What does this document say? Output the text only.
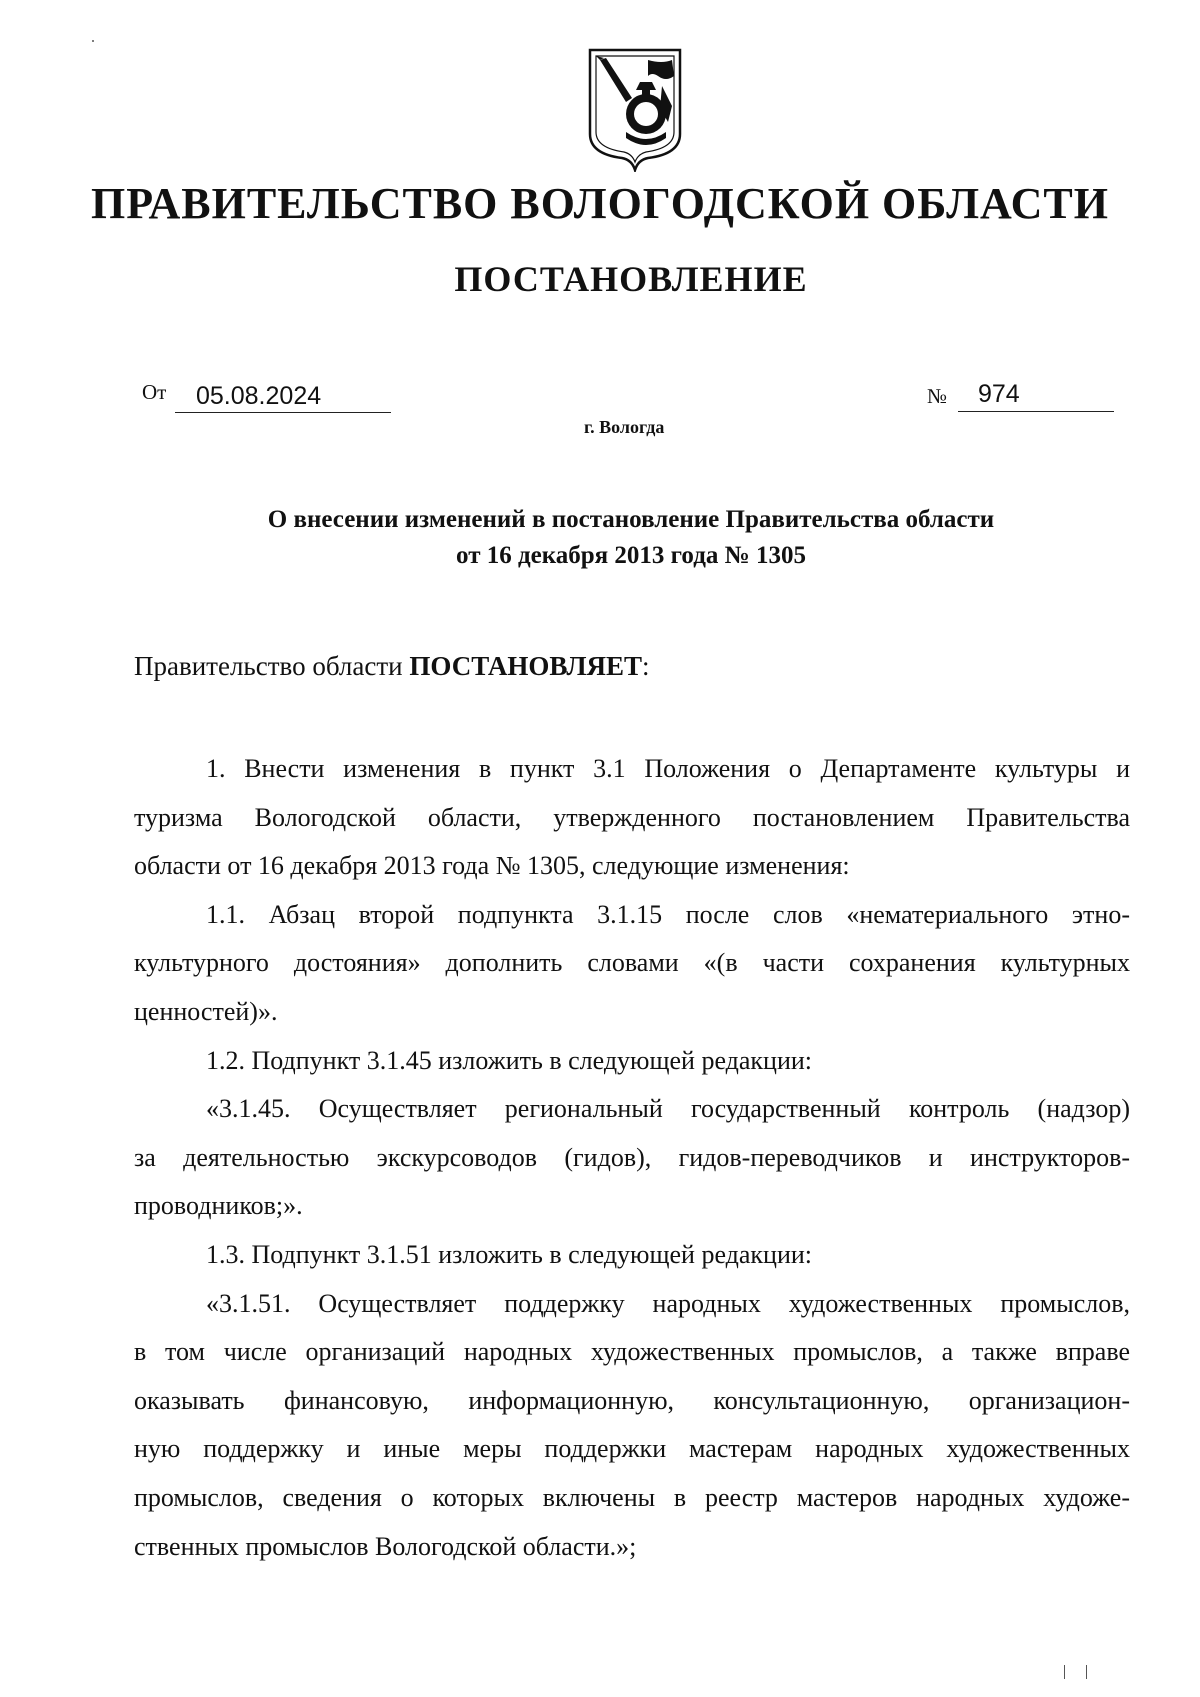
ПРАВИТЕЛЬСТВО ВОЛОГОДСКОЙ ОБЛАСТИ
ПОСТАНОВЛЕНИЕ
От 05.08.2024	№ 974
г. Вологда
О внесении изменений в постановление Правительства области
от 16 декабря 2013 года № 1305
Правительство области ПОСТАНОВЛЯЕТ:
1. Внести изменения в пункт 3.1 Положения о Департаменте культуры и
туризма Вологодской области, утвержденного постановлением Правительства
области от 16 декабря 2013 года № 1305, следующие изменения:
1.1. Абзац второй подпункта 3.1.15 после слов «нематериального этно-
культурного достояния» дополнить словами «(в части сохранения культурных
ценностей)».
1.2. Подпункт 3.1.45 изложить в следующей редакции:
«3.1.45. Осуществляет региональный государственный контроль (надзор)
за деятельностью экскурсоводов (гидов), гидов-переводчиков и инструкторов-
проводников;».
1.3. Подпункт 3.1.51 изложить в следующей редакции:
«3.1.51. Осуществляет поддержку народных художественных промыслов,
в том числе организаций народных художественных промыслов, а также вправе
оказывать финансовую, информационную, консультационную, организацион-
ную поддержку и иные меры поддержки мастерам народных художественных
промыслов, сведения о которых включены в реестр мастеров народных художе-
ственных промыслов Вологодской области.»;
